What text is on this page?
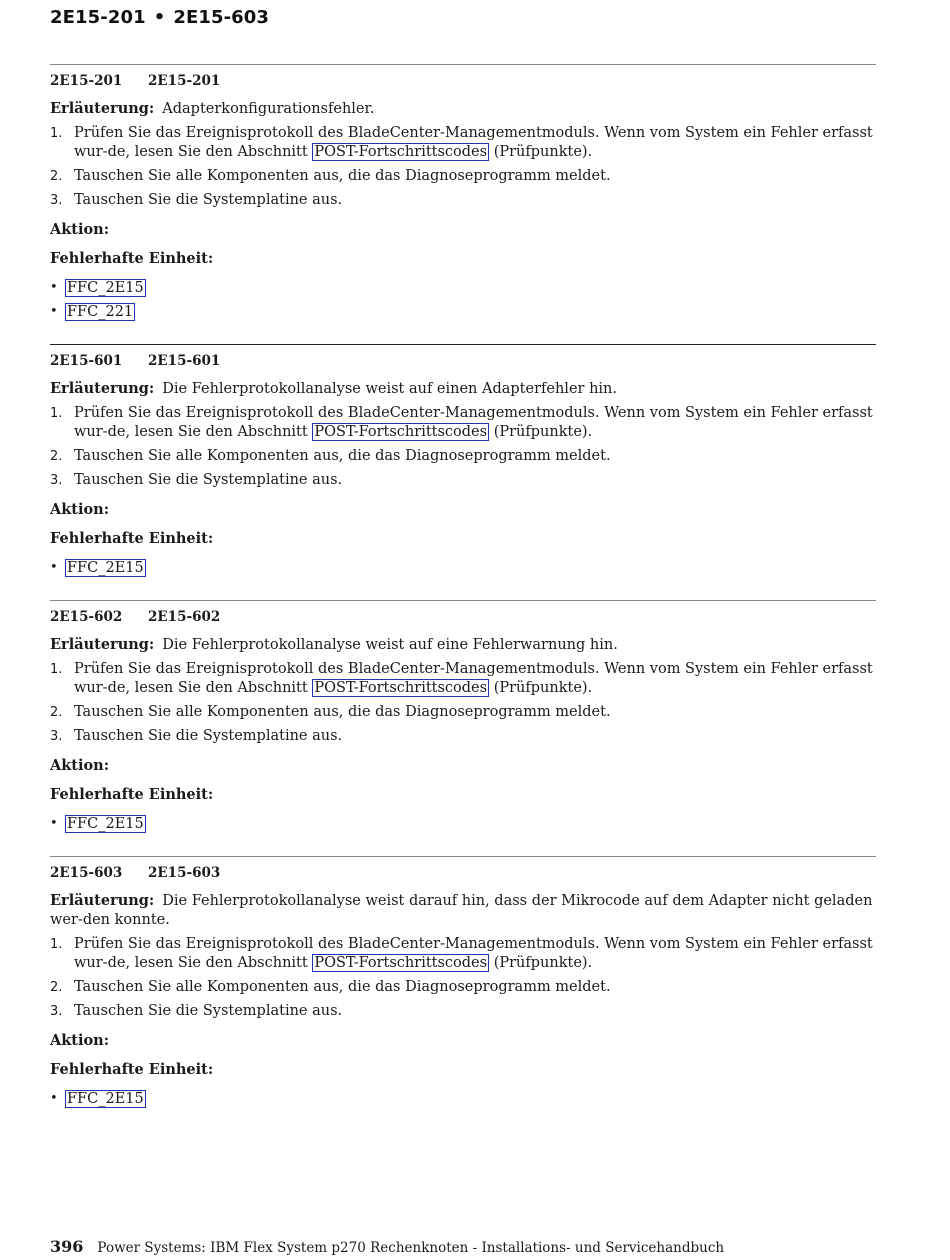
2E15-201 • 2E15-603
2E15-201 2E15-201
Erläuterung: Adapterkonfigurationsfehler.
1. Prüfen Sie das Ereignisprotokoll des BladeCenter-Managementmoduls. Wenn vom System ein Fehler erfasst wur-de, lesen Sie den Abschnitt POST-Fortschrittscodes (Prüfpunkte).
2. Tauschen Sie alle Komponenten aus, die das Diagnoseprogramm meldet.
3. Tauschen Sie die Systemplatine aus.
Aktion:
Fehlerhafte Einheit:
• FFC_2E15
• FFC_221
2E15-601 2E15-601
Erläuterung: Die Fehlerprotokollanalyse weist auf einen Adapterfehler hin.
1. Prüfen Sie das Ereignisprotokoll des BladeCenter-Managementmoduls. Wenn vom System ein Fehler erfasst wur-de, lesen Sie den Abschnitt POST-Fortschrittscodes (Prüfpunkte).
2. Tauschen Sie alle Komponenten aus, die das Diagnoseprogramm meldet.
3. Tauschen Sie die Systemplatine aus.
Aktion:
Fehlerhafte Einheit:
• FFC_2E15
2E15-602 2E15-602
Erläuterung: Die Fehlerprotokollanalyse weist auf eine Fehlerwarnung hin.
1. Prüfen Sie das Ereignisprotokoll des BladeCenter-Managementmoduls. Wenn vom System ein Fehler erfasst wur-de, lesen Sie den Abschnitt POST-Fortschrittscodes (Prüfpunkte).
2. Tauschen Sie alle Komponenten aus, die das Diagnoseprogramm meldet.
3. Tauschen Sie die Systemplatine aus.
Aktion:
Fehlerhafte Einheit:
• FFC_2E15
2E15-603 2E15-603
Erläuterung: Die Fehlerprotokollanalyse weist darauf hin, dass der Mikrocode auf dem Adapter nicht geladen wer-den konnte.
1. Prüfen Sie das Ereignisprotokoll des BladeCenter-Managementmoduls. Wenn vom System ein Fehler erfasst wur-de, lesen Sie den Abschnitt POST-Fortschrittscodes (Prüfpunkte).
2. Tauschen Sie alle Komponenten aus, die das Diagnoseprogramm meldet.
3. Tauschen Sie die Systemplatine aus.
Aktion:
Fehlerhafte Einheit:
• FFC_2E15
396 Power Systems: IBM Flex System p270 Rechenknoten - Installations- und Servicehandbuch
